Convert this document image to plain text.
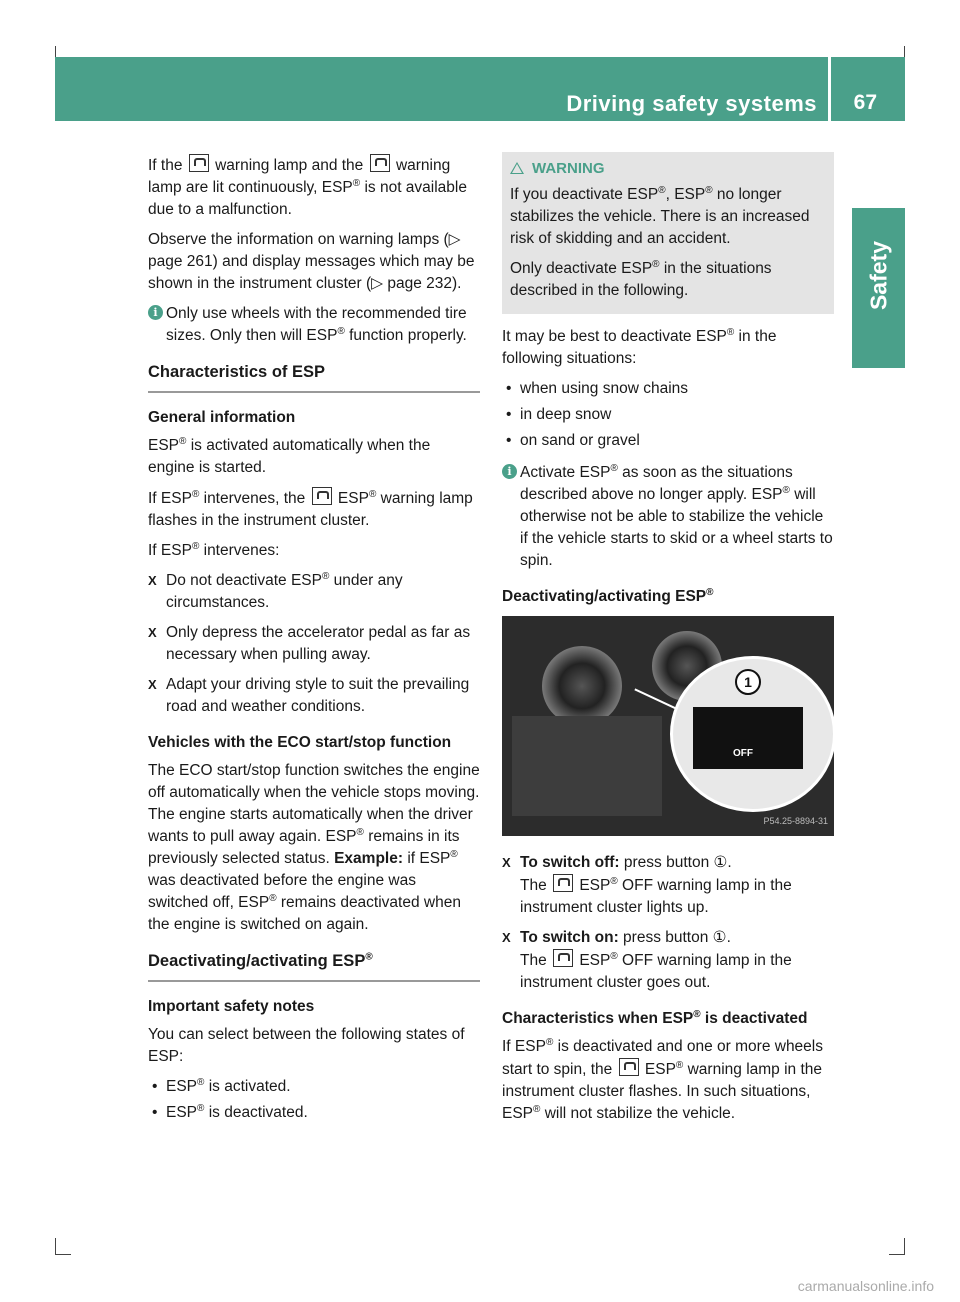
Driving safety systems 67
Safety

If the warning lamp and the warning lamp are lit continuously, ESP® is not available due to a malfunction.

Observe the information on warning lamps (▷ page 261) and display messages which may be shown in the instrument cluster (▷ page 232).

i Only use wheels with the recommended tire sizes. Only then will ESP® function properly.

Characteristics of ESP
General information

ESP® is activated automatically when the engine is started.

If ESP® intervenes, the ESP® warning lamp flashes in the instrument cluster.

If ESP® intervenes:

X Do not deactivate ESP® under any circumstances.

X Only depress the accelerator pedal as far as necessary when pulling away.

X Adapt your driving style to suit the prevailing road and weather conditions.

Vehicles with the ECO start/stop function

The ECO start/stop function switches the engine off automatically when the vehicle stops moving. The engine starts automatically when the driver wants to pull away again. ESP® remains in its previously selected status. Example: if ESP® was deactivated before the engine was switched off, ESP® remains deactivated when the engine is switched on again.

Deactivating/activating ESP®
Important safety notes

You can select between the following states of ESP:

• ESP® is activated.

• ESP® is deactivated.

WARNING

If you deactivate ESP®, ESP® no longer stabilizes the vehicle. There is an increased risk of skidding and an accident.

Only deactivate ESP® in the situations described in the following.

It may be best to deactivate ESP® in the following situations:

• when using snow chains

• in deep snow

• on sand or gravel

i Activate ESP® as soon as the situations described above no longer apply. ESP® will otherwise not be able to stabilize the vehicle if the vehicle starts to skid or a wheel starts to spin.

Deactivating/activating ESP®
1
OFF
P54.25-8894-31

X To switch off: press button ①.
The ESP® OFF warning lamp in the instrument cluster lights up.

X To switch on: press button ①.
The ESP® OFF warning lamp in the instrument cluster goes out.

Characteristics when ESP® is deactivated

If ESP® is deactivated and one or more wheels start to spin, the ESP® warning lamp in the instrument cluster flashes. In such situations, ESP® will not stabilize the vehicle.

carmanualsonline.info
